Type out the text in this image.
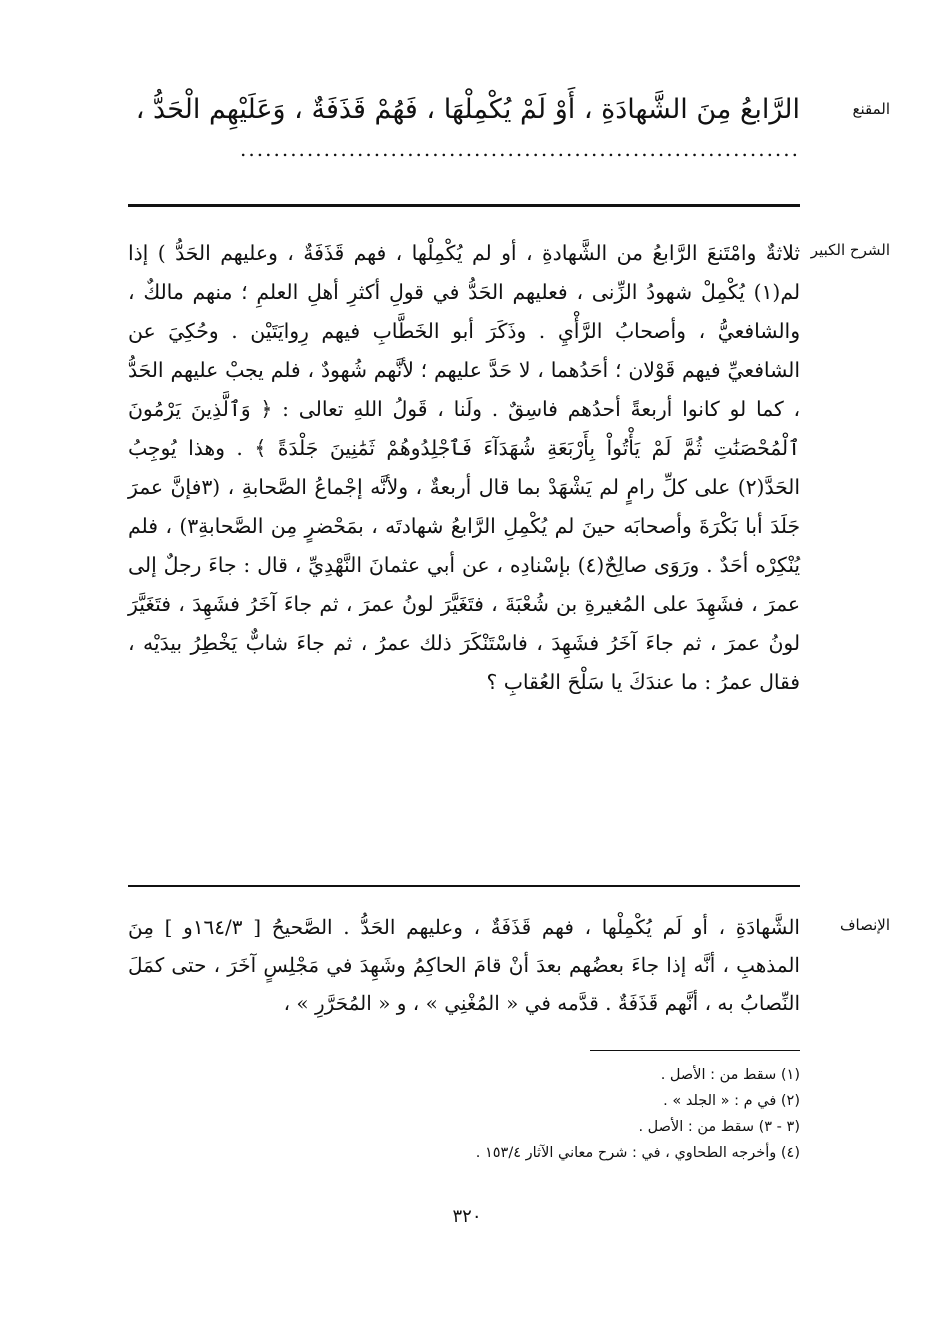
المقنع

الرَّابعُ مِنَ الشَّهادَةِ ، أَوْ لَمْ يُكْمِلْهَا ، فَهُمْ قَذَفَةٌ ، وَعَلَيْهِم الْحَدُّ ،

...................................................................
الشرح الكبير

ثلاثةٌ وامْتَنعَ الرَّابعُ من الشَّهادةِ ، أو لم يُكْمِلْها ، فهم قَذَفَةٌ ، وعليهم الحَدُّ ) إذا لم(١) يُكْمِلْ شهودُ الزِّنى ، فعليهم الحَدُّ في قولِ أكثرِ أهلِ العلمِ ؛ منهم مالكٌ ، والشافعيُّ ، وأصحابُ الرَّأْيِ . وذَكَرَ أبو الخَطَّابِ فيهم رِوايَتَيْن . وحُكِيَ عن الشافعيِّ فيهم قَوْلان ؛ أحَدُهما ، لا حَدَّ عليهم ؛ لأنَّهم شُهودٌ ، فلم يجبْ عليهم الحَدُّ ، كما لو كانوا أربعةً أحدُهم فاسِقٌ . ولَنا ، قَولُ اللهِ تعالى : ﴿ وَٱلَّذِينَ يَرْمُونَ ٱلْمُحْصَنَٰتِ ثُمَّ لَمْ يَأْتُواْ بِأَرْبَعَةِ شُهَدَآءَ فَٱجْلِدُوهُمْ ثَمَٰنِينَ جَلْدَةً ﴾ . وهذا يُوجِبُ الحَدَّ(٢) على كلِّ رامٍ لم يَشْهَدْ بما قال أربعةٌ ، ولأنَّه إجْماعُ الصَّحابةِ ، (٣فإنَّ عمرَ جَلَدَ أبا بَكْرَةَ وأصحابَه حينَ لم يُكْمِلِ الرَّابعُ شهادتَه ، بمَحْضرٍ مِن الصَّحابةِ٣) ، فلم يُنْكِرْه أحَدٌ . ورَوَى صالِحٌ(٤) بإسْنادِه ، عن أبي عثمانَ النَّهْدِيِّ ، قال : جاءَ رجلٌ إلى عمرَ ، فشَهِدَ على المُغيرةِ بن شُعْبَةَ ، فتَغَيَّرَ لونُ عمرَ ، ثم جاءَ آخَرُ فشَهِدَ ، فتَغَيَّرَ لونُ عمرَ ، ثم جاءَ آخَرُ فشَهِدَ ، فاسْتَنْكَرَ ذلك عمرُ ، ثم جاءَ شابٌّ يَخْطِرُ بيدَيْه ، فقال عمرُ : ما عندَكَ يا سَلْحَ العُقابِ ؟

الإنصاف

الشَّهادَةِ ، أو لَم يُكْمِلْها ، فهم قَذَفَةٌ ، وعليهم الحَدُّ . الصَّحيحُ [ ١٦٤/٣و ] مِنَ المذهبِ ، أنَّه إذا جاءَ بعضُهم بعدَ أنْ قامَ الحاكِمُ وشَهِدَ في مَجْلِسٍ آخَرَ ، حتى كمَلَ النِّصابُ به ، أنَّهم قَذَفَةٌ . قدَّمه في « المُغْنِي » ، و « المُحَرَّرِ » ،

(١) سقط من : الأصل .

(٢) في م : « الجلد » .

(٣ - ٣) سقط من : الأصل .

(٤) وأخرجه الطحاوي ، في : شرح معاني الآثار ١٥٣/٤ .

٣٢٠
